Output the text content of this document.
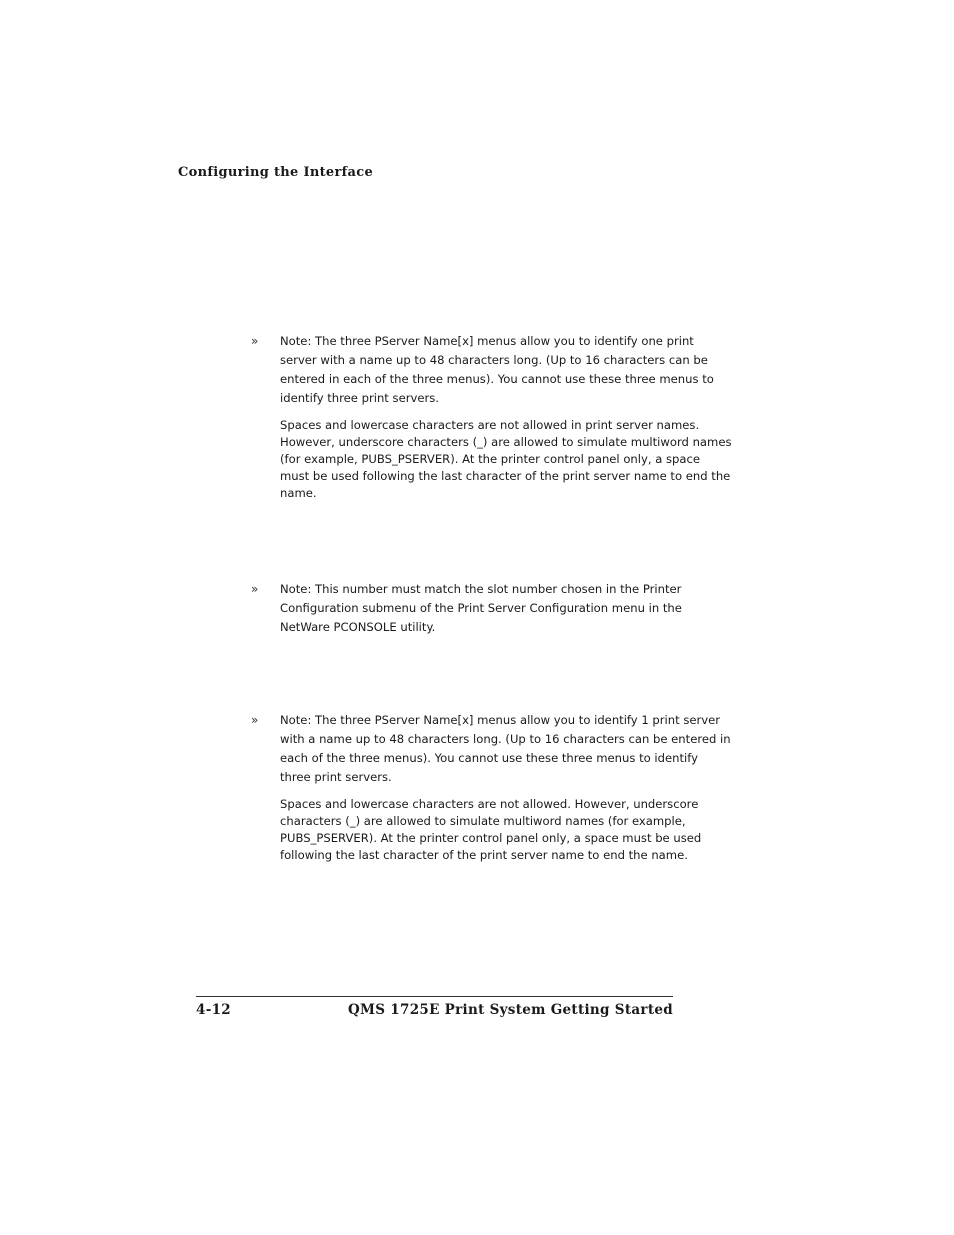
Configuring the Interface
» Note: The three PServer Name[x] menus allow you to identify one print server with a name up to 48 characters long. (Up to 16 characters can be entered in each of the three menus). You cannot use these three menus to identify three print servers.

Spaces and lowercase characters are not allowed in print server names. However, underscore characters (_) are allowed to simulate multiword names (for example, PUBS_PSERVER). At the printer control panel only, a space must be used following the last character of the print server name to end the name.

» Note: This number must match the slot number chosen in the Printer Configuration submenu of the Print Server Configuration menu in the NetWare PCONSOLE utility.

» Note: The three PServer Name[x] menus allow you to identify 1 print server with a name up to 48 characters long. (Up to 16 characters can be entered in each of the three menus). You cannot use these three menus to identify three print servers.

Spaces and lowercase characters are not allowed. However, underscore characters (_) are allowed to simulate multiword names (for example, PUBS_PSERVER). At the printer control panel only, a space must be used following the last character of the print server name to end the name.

4-12	QMS 1725E Print System Getting Started
